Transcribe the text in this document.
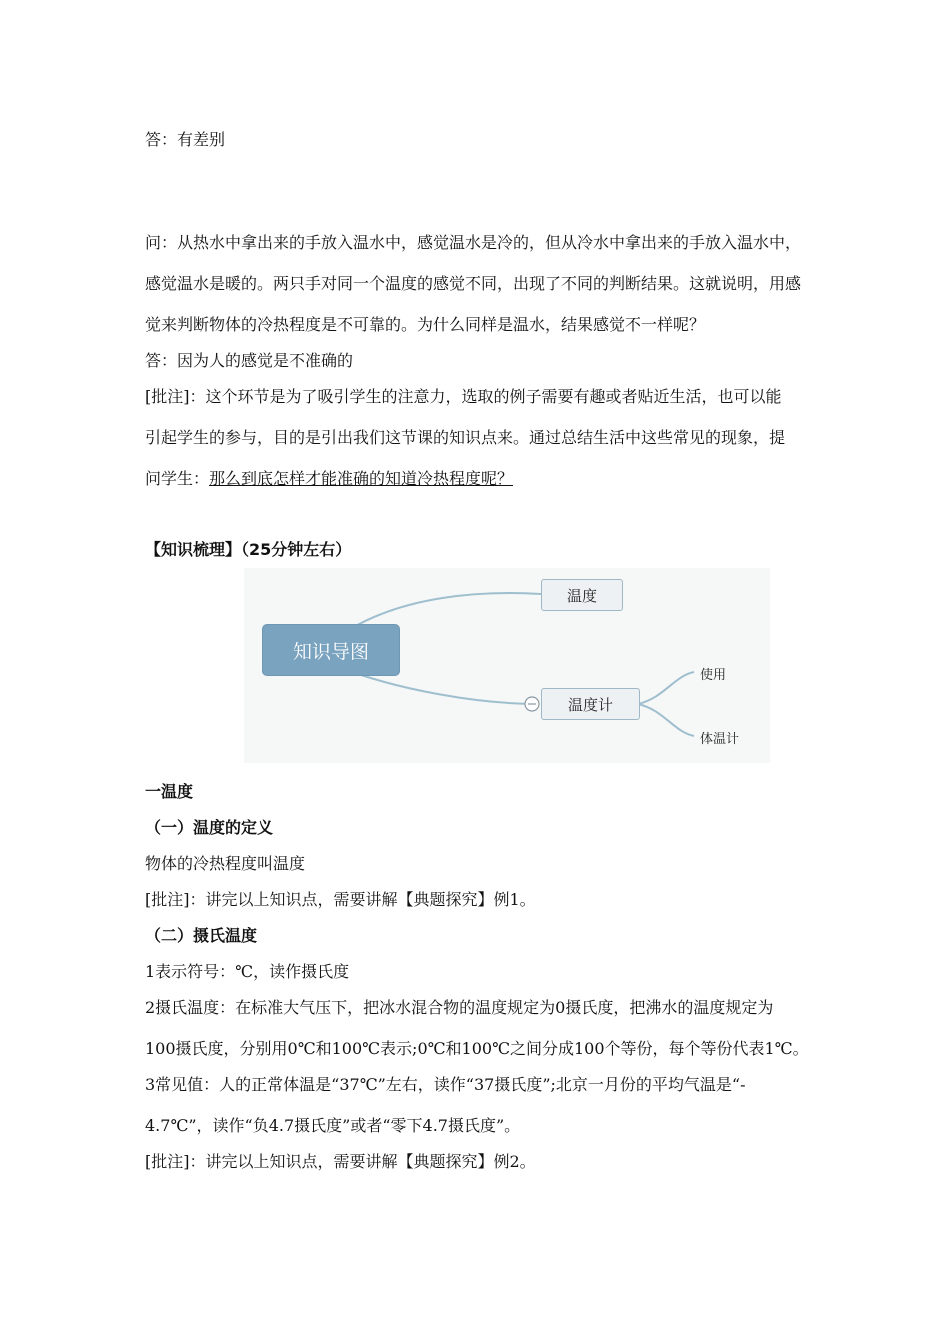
答：有差别
问：从热水中拿出来的手放入温水中，感觉温水是冷的，但从冷水中拿出来的手放入温水中，
感觉温水是暖的。两只手对同一个温度的感觉不同，出现了不同的判断结果。这就说明，用感
觉来判断物体的冷热程度是不可靠的。为什么同样是温水，结果感觉不一样呢？
答：因为人的感觉是不准确的
[批注]：这个环节是为了吸引学生的注意力，选取的例子需要有趣或者贴近生活，也可以能
引起学生的参与，目的是引出我们这节课的知识点来。通过总结生活中这些常见的现象，提
问学生：那么到底怎样才能准确的知道冷热程度呢？
【知识梳理】（25分钟左右）
知识导图
温度
温度计
使用
体温计
一温度
（一）温度的定义
物体的冷热程度叫温度
[批注]：讲完以上知识点，需要讲解【典题探究】例1。
（二）摄氏温度
1表示符号：℃，读作摄氏度
2摄氏温度：在标准大气压下，把冰水混合物的温度规定为0摄氏度，把沸水的温度规定为
100摄氏度，分别用0℃和100℃表示;0℃和100℃之间分成100个等份，每个等份代表1℃。
3常见值：人的正常体温是“37℃”左右，读作“37摄氏度”;北京一月份的平均气温是“-
4.7℃”，读作“负4.7摄氏度”或者“零下4.7摄氏度”。
[批注]：讲完以上知识点，需要讲解【典题探究】例2。
